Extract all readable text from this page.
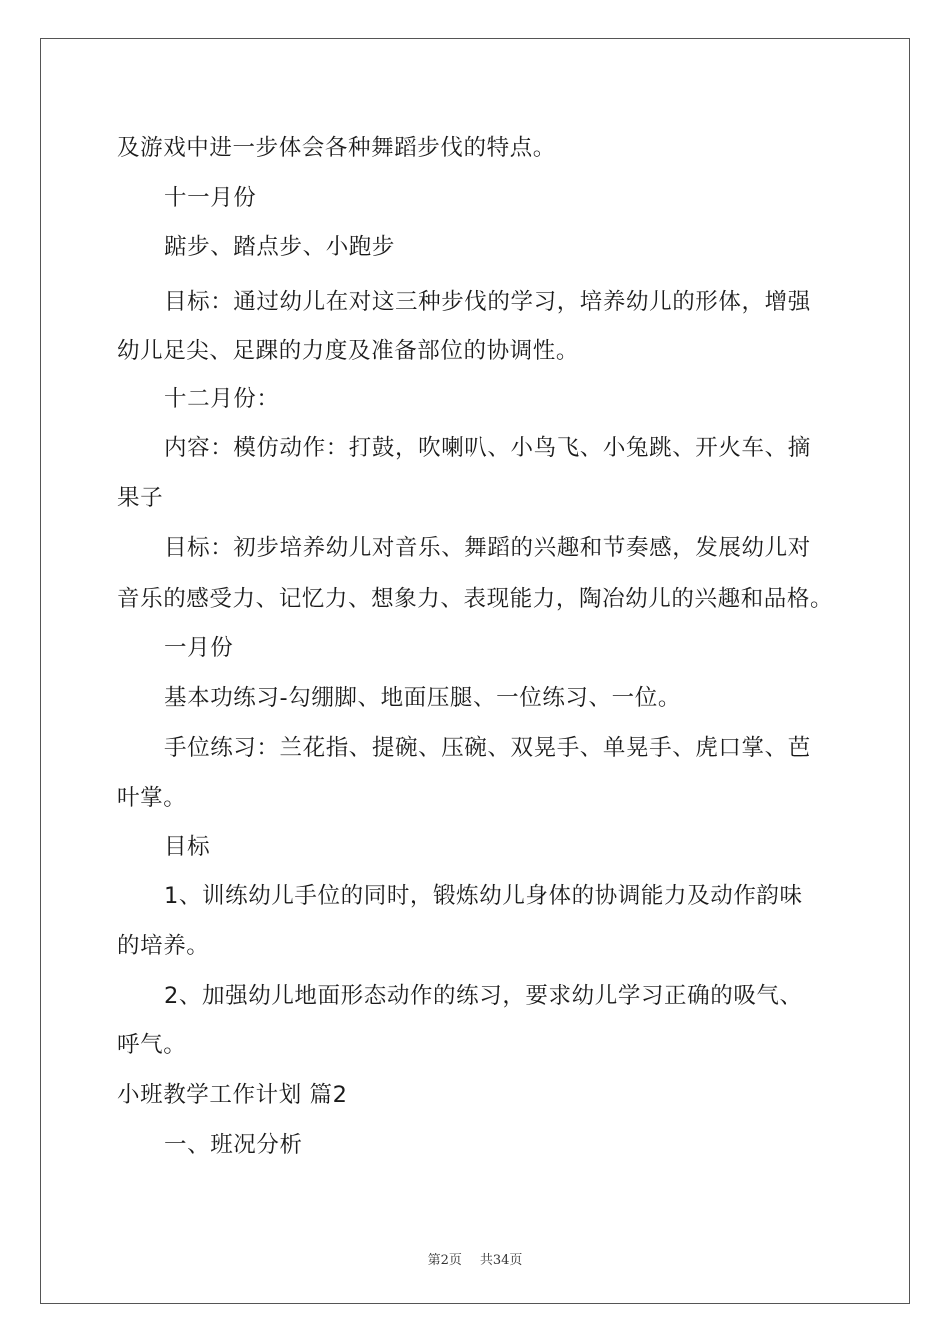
及游戏中进一步体会各种舞蹈步伐的特点。
十一月份
踮步、踏点步、小跑步
目标：通过幼儿在对这三种步伐的学习，培养幼儿的形体，增强
幼儿足尖、足踝的力度及准备部位的协调性。
十二月份：
内容：模仿动作：打鼓，吹喇叭、小鸟飞、小兔跳、开火车、摘
果子
目标：初步培养幼儿对音乐、舞蹈的兴趣和节奏感，发展幼儿对
音乐的感受力、记忆力、想象力、表现能力，陶冶幼儿的兴趣和品格。
一月份
基本功练习-勾绷脚、地面压腿、一位练习、一位。
手位练习：兰花指、提碗、压碗、双晃手、单晃手、虎口掌、芭
叶掌。
目标
1、训练幼儿手位的同时，锻炼幼儿身体的协调能力及动作韵味
的培养。
2、加强幼儿地面形态动作的练习，要求幼儿学习正确的吸气、
呼气。
小班教学工作计划 篇2
一、班况分析
第2页 共34页
